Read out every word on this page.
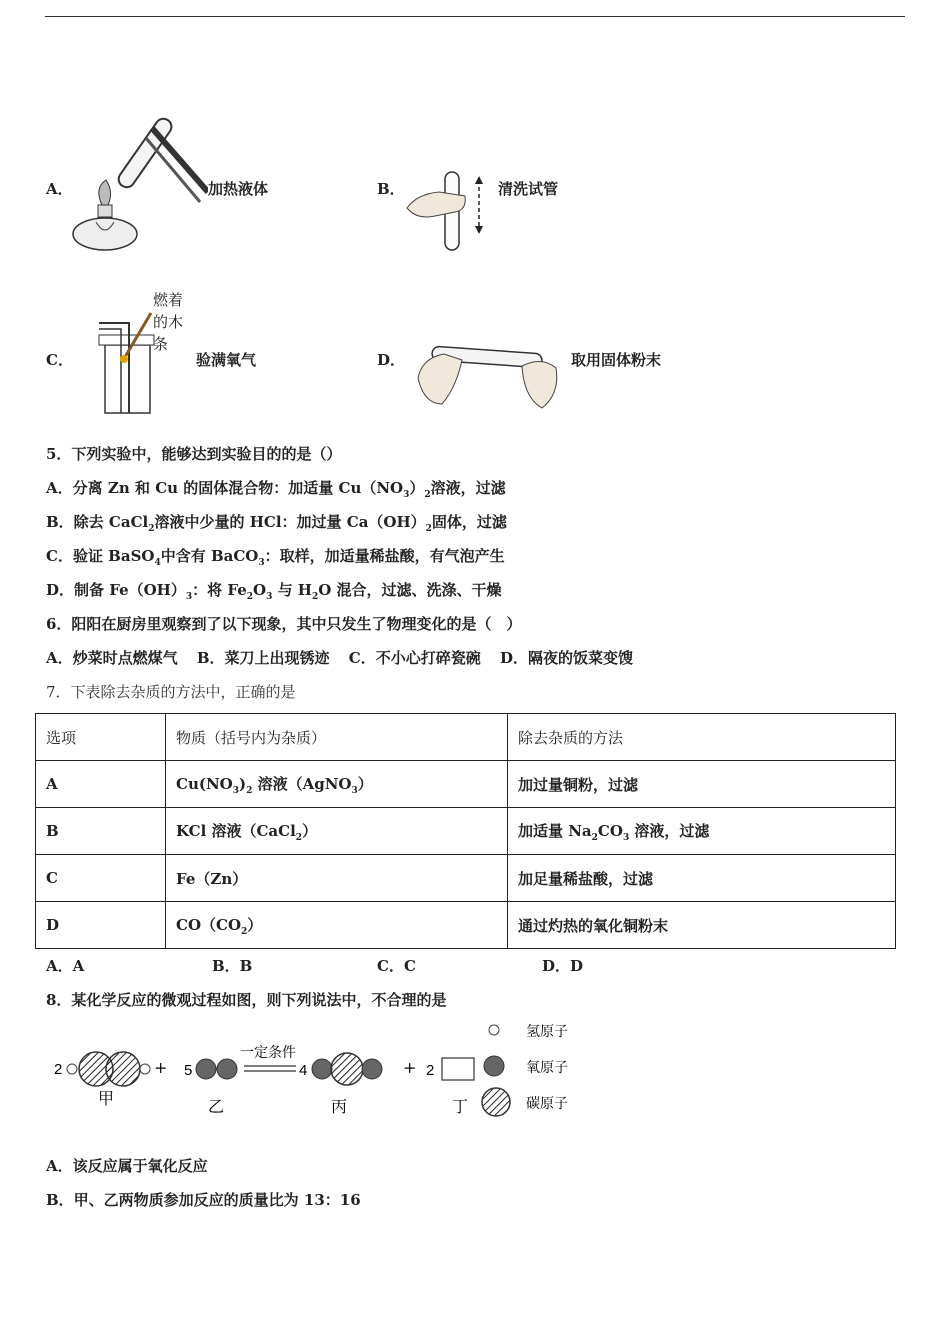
A．	加热液体	B．	清洗试管
C．
燃着的木条
验满氧气	D．	取用固体粉末
5．下列实验中，能够达到实验目的的是（）
A．分离 Zn 和 Cu 的固体混合物：加适量 $Cu(NO_3)_2$溶液，过滤
B．除去 CaCl$_2$溶液中少量的 HCl：加过量 $Ca(OH)_2$固体，过滤
C．验证 BaSO$_4$中含有 BaCO$_3$：取样，加适量稀盐酸，有气泡产生
D．制备 $Fe(OH)_3$：将 $Fe_2O_3$ 与 $H_2O$ 混合，过滤、洗涤、干燥
6．阳阳在厨房里观察到了以下现象，其中只发生了物理变化的是（　）
A．炒菜时点燃煤气 B．菜刀上出现锈迹 C．不小心打碎瓷碗 D．隔夜的饭菜变馊
7．下表除去杂质的方法中，正确的是
选项	物质（括号内为杂质）	除去杂质的方法
A	$Cu(NO_3)_2$ 溶液（AgNO$_3$）	加过量铜粉，过滤
B	KCl 溶液（CaCl$_2$）	加适量 $Na_2CO_3$ 溶液，过滤
C	Fe（Zn）	加足量稀盐酸，过滤
D	$CO(CO_2)$	通过灼热的氧化铜粉末
A．A	B．B	C．C	D．D
8．某化学反应的微观过程如图，则下列说法中，不合理的是
2	+ 5
一定条件
4	+ 2
甲	乙	丙	丁
氢原子
氧原子
碳原子
A．该反应属于氧化反应
B．甲、乙两物质参加反应的质量比为 13：16
